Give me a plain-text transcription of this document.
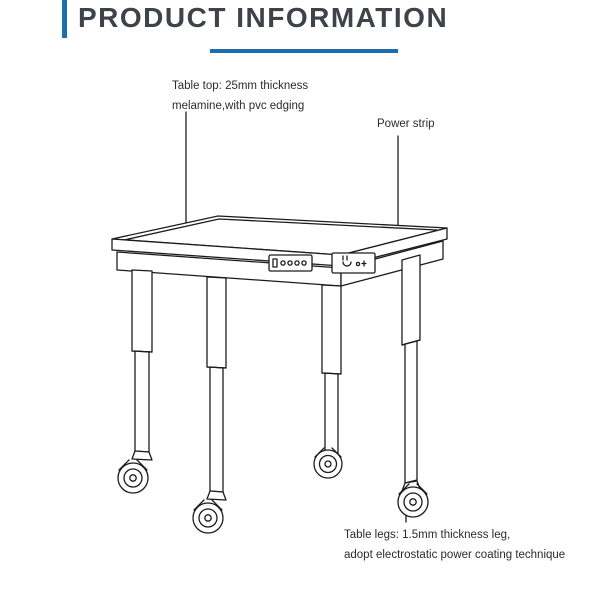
PRODUCT INFORMATION
Table top: 25mm thickness
melamine,with pvc edging
Power strip
Table legs: 1.5mm thickness leg,
adopt electrostatic power coating technique
